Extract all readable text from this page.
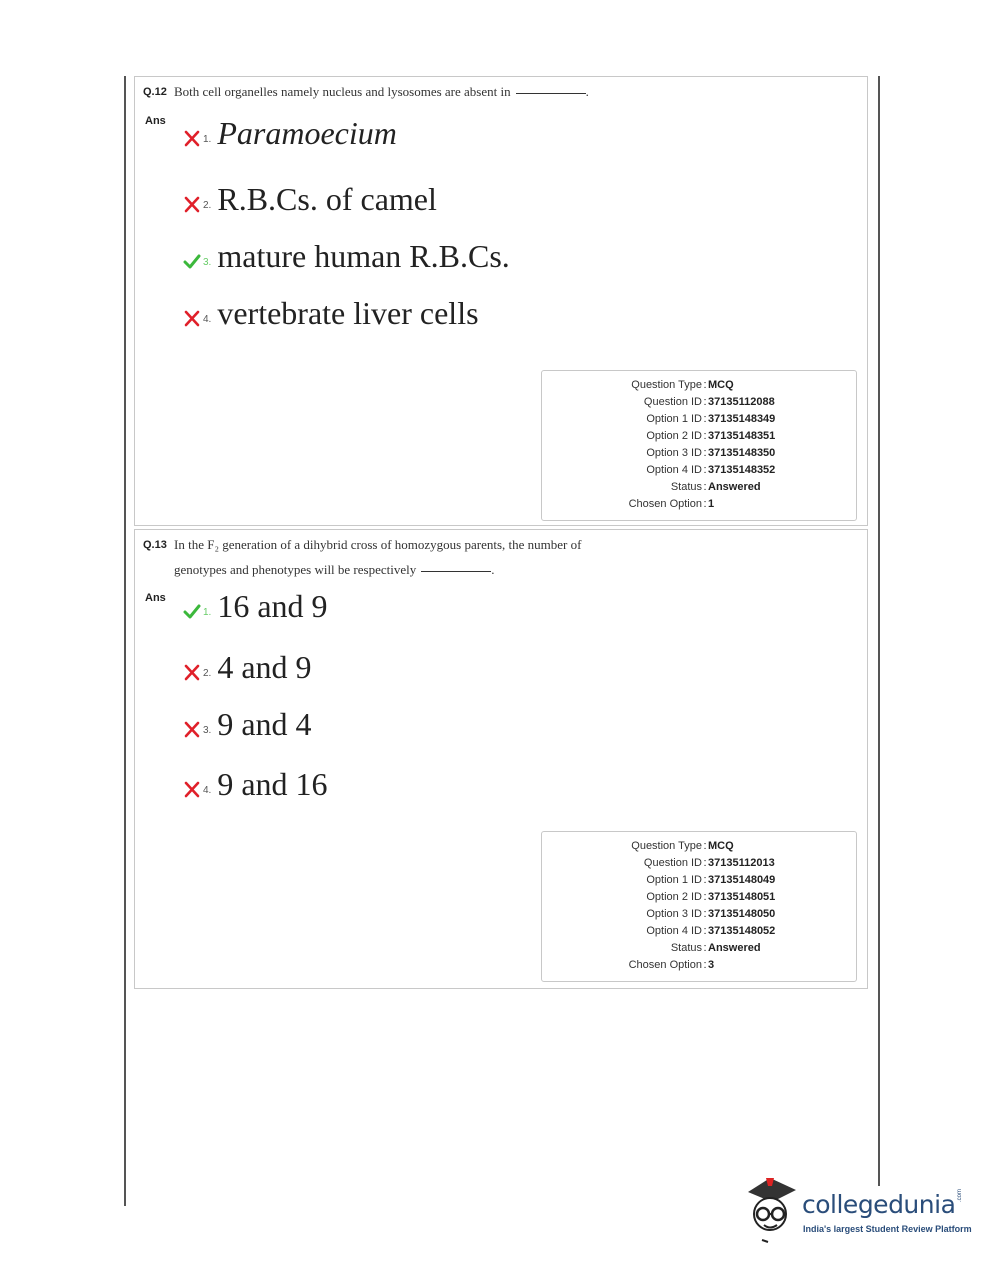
Q.12 Both cell organelles namely nucleus and lysosomes are absent in	.
Ans
1. Paramoecium
2. R.B.Cs. of camel
3. mature human R.B.Cs.
4. vertebrate liver cells
Question Type : MCQ
Question ID : 37135112088
Option 1 ID : 37135148349
Option 2 ID : 37135148351
Option 3 ID : 37135148350
Option 4 ID : 37135148352
Status : Answered
Chosen Option : 1
Q.13 In the F₂ generation of a dihybrid cross of homozygous parents, the number of
genotypes and phenotypes will be respectively	.
Ans
1. 16 and 9
2. 4 and 9
3. 9 and 4
4. 9 and 16
Question Type : MCQ
Question ID : 37135112013
Option 1 ID : 37135148049
Option 2 ID : 37135148051
Option 3 ID : 37135148050
Option 4 ID : 37135148052
Status : Answered
Chosen Option : 3
collegedunia .com
India's largest Student Review Platform
